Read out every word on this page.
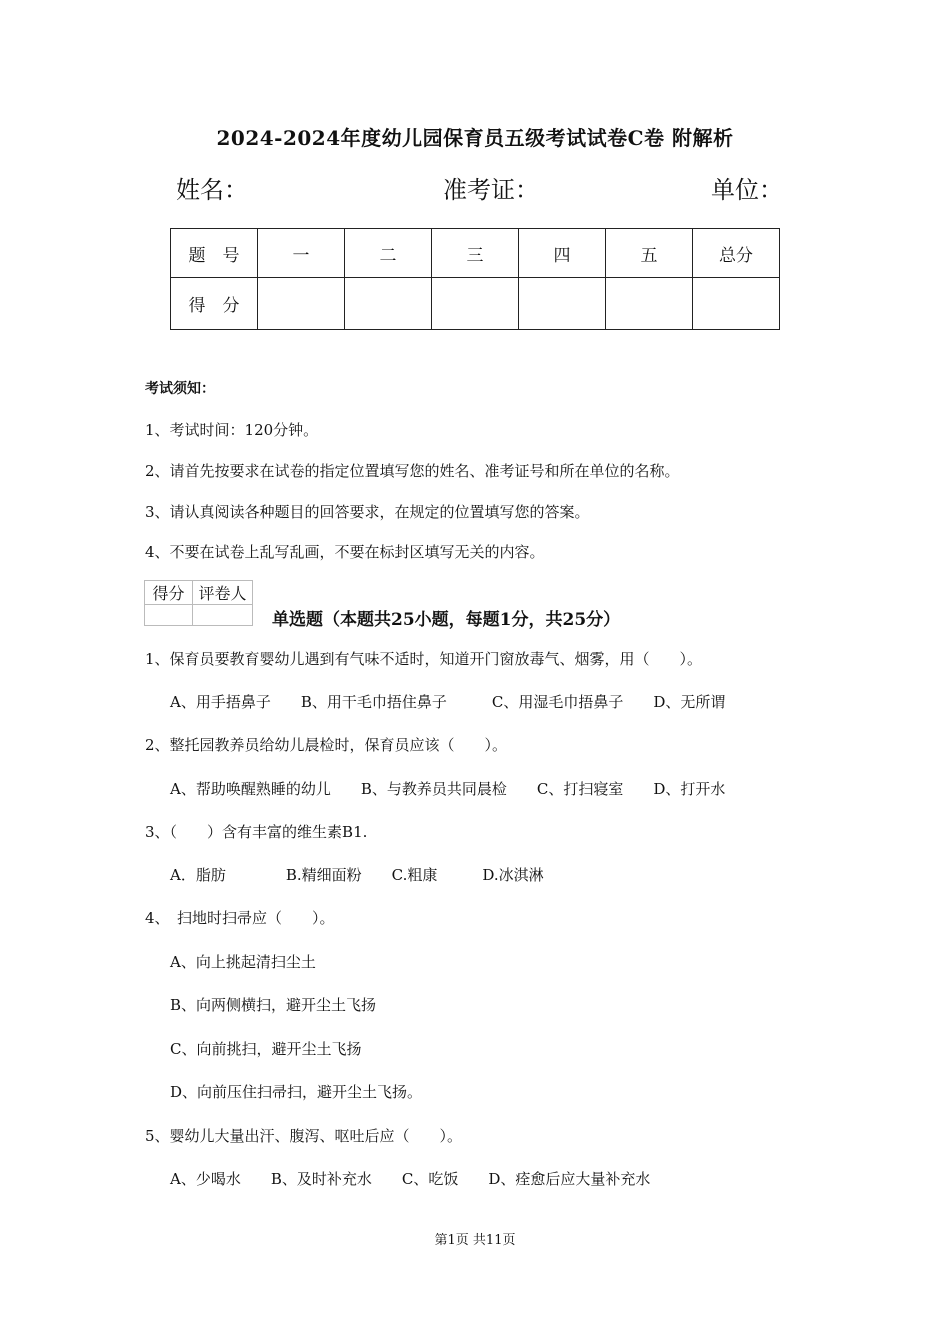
2024-2024年度幼儿园保育员五级考试试卷C卷 附解析
姓名：	准考证：	单位：
题　号	一	二	三	四	五	总分
得　分						
考试须知：
1、考试时间：120分钟。
2、请首先按要求在试卷的指定位置填写您的姓名、准考证号和所在单位的名称。
3、请认真阅读各种题目的回答要求，在规定的位置填写您的答案。
4、不要在试卷上乱写乱画，不要在标封区填写无关的内容。
得分	评卷人

单选题（本题共25小题，每题1分，共25分）
1、保育员要教育婴幼儿遇到有气味不适时，知道开门窗放毒气、烟雾，用（　　）。
A、用手捂鼻子　　B、用干毛巾捂住鼻子　　　C、用湿毛巾捂鼻子　　D、无所谓
2、整托园教养员给幼儿晨检时，保育员应该（　　）。
A、帮助唤醒熟睡的幼儿　　B、与教养员共同晨检　　C、打扫寝室　　D、打开水
3、（　　）含有丰富的维生素B1.
A．脂肪　　　　B.精细面粉　　C.粗康　　　D.冰淇淋
4、　扫地时扫帚应（　　）。
A、向上挑起清扫尘土
B、向两侧横扫，避开尘土飞扬
C、向前挑扫，避开尘土飞扬
D、向前压住扫帚扫，避开尘土飞扬。
5、婴幼儿大量出汗、腹泻、呕吐后应（　　）。
A、少喝水　　B、及时补充水　　C、吃饭　　D、痊愈后应大量补充水
第1页 共11页
